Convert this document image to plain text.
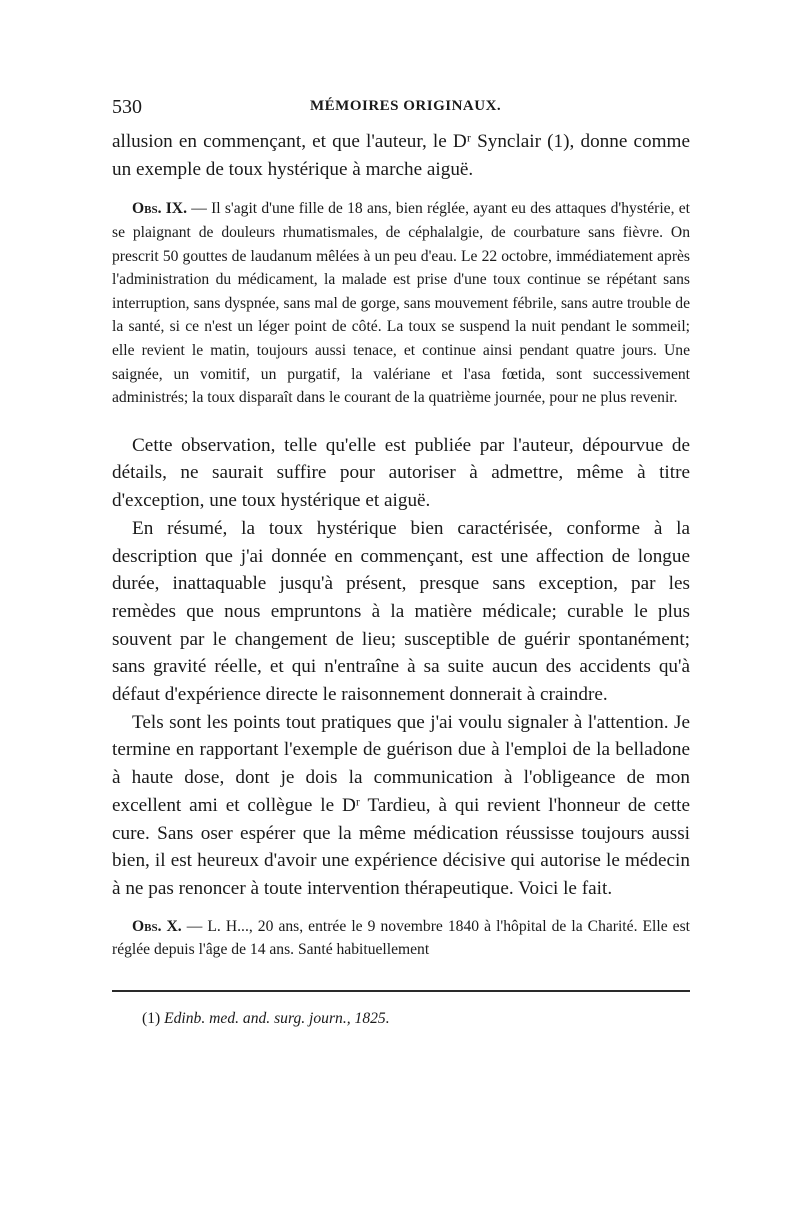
530	MÉMOIRES ORIGINAUX.

allusion en commençant, et que l'auteur, le Dʳ Synclair (1), donne comme un exemple de toux hystérique à marche aiguë.

Obs. IX. — Il s'agit d'une fille de 18 ans, bien réglée, ayant eu des attaques d'hystérie, et se plaignant de douleurs rhumatismales, de céphalalgie, de courbature sans fièvre. On prescrit 50 gouttes de laudanum mêlées à un peu d'eau. Le 22 octobre, immédiatement après l'administration du médicament, la malade est prise d'une toux continue se répétant sans interruption, sans dyspnée, sans mal de gorge, sans mouvement fébrile, sans autre trouble de la santé, si ce n'est un léger point de côté. La toux se suspend la nuit pendant le sommeil; elle revient le matin, toujours aussi tenace, et continue ainsi pendant quatre jours. Une saignée, un vomitif, un purgatif, la valériane et l'asa fœtida, sont successivement administrés; la toux disparaît dans le courant de la quatrième journée, pour ne plus revenir.

Cette observation, telle qu'elle est publiée par l'auteur, dépourvue de détails, ne saurait suffire pour autoriser à admettre, même à titre d'exception, une toux hystérique et aiguë.

En résumé, la toux hystérique bien caractérisée, conforme à la description que j'ai donnée en commençant, est une affection de longue durée, inattaquable jusqu'à présent, presque sans exception, par les remèdes que nous empruntons à la matière médicale; curable le plus souvent par le changement de lieu; susceptible de guérir spontanément; sans gravité réelle, et qui n'entraîne à sa suite aucun des accidents qu'à défaut d'expérience directe le raisonnement donnerait à craindre.

Tels sont les points tout pratiques que j'ai voulu signaler à l'attention. Je termine en rapportant l'exemple de guérison due à l'emploi de la belladone à haute dose, dont je dois la communication à l'obligeance de mon excellent ami et collègue le Dʳ Tardieu, à qui revient l'honneur de cette cure. Sans oser espérer que la même médication réussisse toujours aussi bien, il est heureux d'avoir une expérience décisive qui autorise le médecin à ne pas renoncer à toute intervention thérapeutique. Voici le fait.

Obs. X. — L. H..., 20 ans, entrée le 9 novembre 1840 à l'hôpital de la Charité. Elle est réglée depuis l'âge de 14 ans. Santé habituellement

(1) Edinb. med. and. surg. journ., 1825.
